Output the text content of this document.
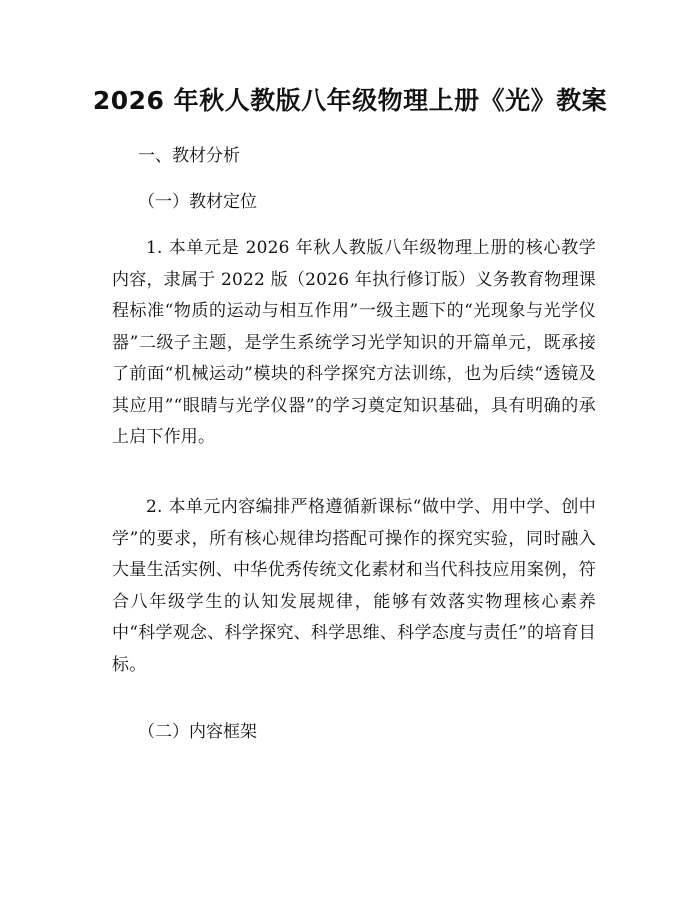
2026 年秋人教版八年级物理上册《光》教案
一、教材分析
（一）教材定位
1. 本单元是 2026 年秋人教版八年级物理上册的核心教学内容，隶属于 2022 版（2026 年执行修订版）义务教育物理课程标准“物质的运动与相互作用”一级主题下的“光现象与光学仪器”二级子主题，是学生系统学习光学知识的开篇单元，既承接了前面“机械运动”模块的科学探究方法训练，也为后续“透镜及其应用”“眼睛与光学仪器”的学习奠定知识基础，具有明确的承上启下作用。
2. 本单元内容编排严格遵循新课标“做中学、用中学、创中学”的要求，所有核心规律均搭配可操作的探究实验，同时融入大量生活实例、中华优秀传统文化素材和当代科技应用案例，符合八年级学生的认知发展规律，能够有效落实物理核心素养中“科学观念、科学探究、科学思维、科学态度与责任”的培育目标。
（二）内容框架
